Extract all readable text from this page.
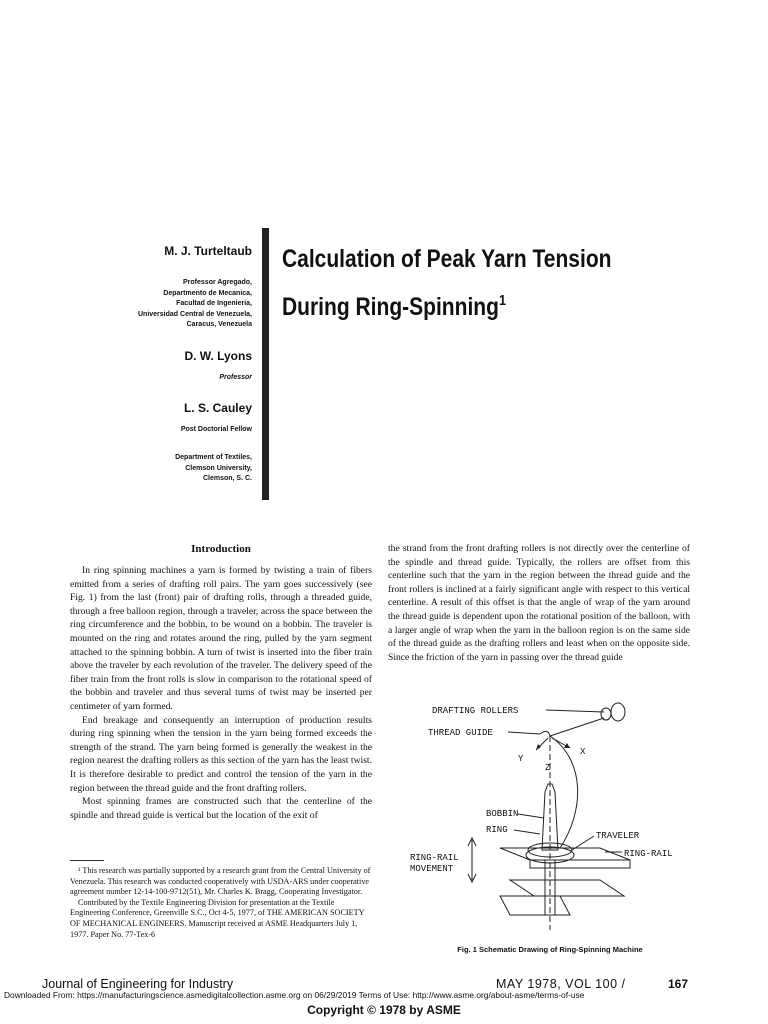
M. J. Turteltaub
Professor Agregado,
Departmento de Mecanica,
Facultad de Ingenieria,
Universidad Central de Venezuela,
Caracus, Venezuela
D. W. Lyons
Professor
L. S. Cauley
Post Doctorial Fellow
Department of Textiles,
Clemson University,
Clemson, S. C.
Calculation of Peak Yarn Tension
During Ring-Spinning$^1$
Introduction

In ring spinning machines a yarn is formed by twisting a train of fibers emitted from a series of drafting roll pairs. The yarn goes successively (see Fig. 1) from the last (front) pair of drafting rolls, through a threaded guide, through a free balloon region, through a traveler, across the space between the ring circumference and the bobbin, to be wound on a bobbin. The traveler is mounted on the ring and rotates around the ring, pulled by the yarn segment attached to the spinning bobbin. A turn of twist is inserted into the fiber train above the traveler by each revolution of the traveler. The delivery speed of the fiber train from the front rolls is slow in comparison to the rotational speed of the bobbin and traveler and thus several turns of twist may be inserted per centimeter of yarn formed.

End breakage and consequently an interruption of production results during ring spinning when the tension in the yarn being formed exceeds the strength of the strand. The yarn being formed is generally the weakest in the region nearest the drafting rollers as this section of the yarn has the least twist. It is therefore desirable to predict and control the tension of the yarn in the region between the thread guide and the front drafting rollers.

Most spinning frames are constructed such that the centerline of the spindle and thread guide is vertical but the location of the exit of

¹ This research was partially supported by a research grant from the Central University of Venezuela. This research was conducted cooperatively with USDA-ARS under cooperative agreement number 12-14-100-9712(51), Mr. Charles K. Bragg, Cooperating Investigator.

Contributed by the Textile Engineering Division for presentation at the Textile Engineering Conference, Greenville S.C., Oct 4-5, 1977, of THE AMERICAN SOCIETY OF MECHANICAL ENGINEERS. Manuscript received at ASME Headquarters July 1, 1977. Paper No. 77-Tex-6

the strand from the front drafting rollers is not directly over the centerline of the spindle and thread guide. Typically, the rollers are offset from this centerline such that the yarn in the region between the thread guide and the front rollers is inclined at a fairly significant angle with respect to this vertical centerline. A result of this offset is that the angle of wrap of the yarn around the thread guide is dependent upon the rotational position of the balloon, with a larger angle of wrap when the yarn in the balloon region is on the same side of the thread guide as the drafting rollers and least when on the opposite side. Since the friction of the yarn in passing over the thread guide

DRAFTING ROLLERS
THREAD GUIDE
X
Y
Z
BOBBIN
RING
TRAVELER
RING-RAIL
RING-RAIL
MOVEMENT
Fig. 1 Schematic Drawing of Ring-Spinning Machine
Journal of Engineering for Industry	MAY 1978, VOL 100 /	167
Downloaded From: https://manufacturingscience.asmedigitalcollection.asme.org on 06/29/2019 Terms of Use: http://www.asme.org/about-asme/terms-of-use
Copyright © 1978 by ASME
